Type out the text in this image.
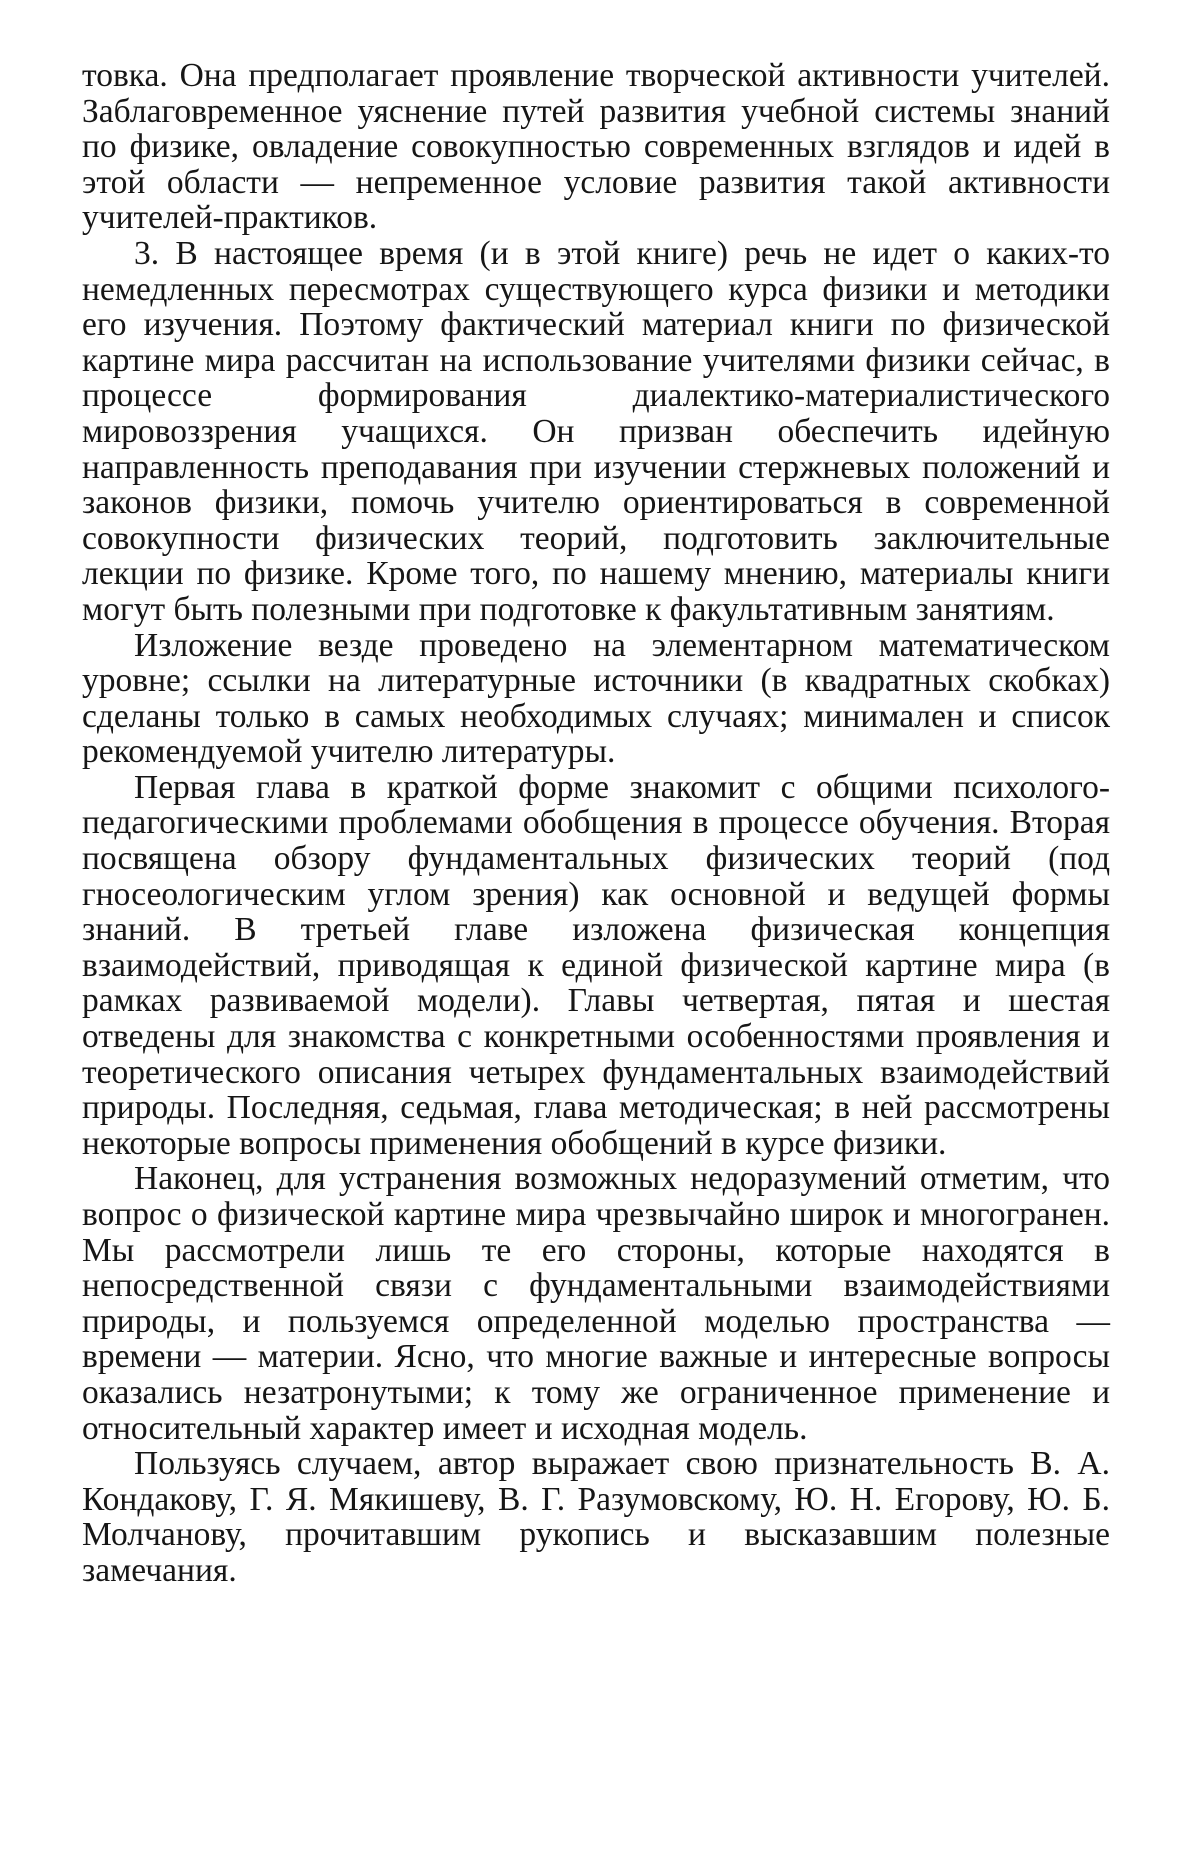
товка. Она предполагает проявление творческой активности учителей. Заблаговременное уяснение путей развития учебной системы знаний по физике, овладение совокупностью современных взглядов и идей в этой области — непременное условие развития такой активности учителей-практиков.

3. В настоящее время (и в этой книге) речь не идет о каких-то немедленных пересмотрах существующего курса физики и методики его изучения. Поэтому фактический материал книги по физической картине мира рассчитан на использование учителями физики сейчас, в процессе формирования диалектико-материалистического мировоззрения учащихся. Он призван обеспечить идейную направленность преподавания при изучении стержневых положений и законов физики, помочь учителю ориентироваться в современной совокупности физических теорий, подготовить заключительные лекции по физике. Кроме того, по нашему мнению, материалы книги могут быть полезными при подготовке к факультативным занятиям.

Изложение везде проведено на элементарном математическом уровне; ссылки на литературные источники (в квадратных скобках) сделаны только в самых необходимых случаях; минимален и список рекомендуемой учителю литературы.

Первая глава в краткой форме знакомит с общими психолого-педагогическими проблемами обобщения в процессе обучения. Вторая посвящена обзору фундаментальных физических теорий (под гносеологическим углом зрения) как основной и ведущей формы знаний. В третьей главе изложена физическая концепция взаимодействий, приводящая к единой физической картине мира (в рамках развиваемой модели). Главы четвертая, пятая и шестая отведены для знакомства с конкретными особенностями проявления и теоретического описания четырех фундаментальных взаимодействий природы. Последняя, седьмая, глава методическая; в ней рассмотрены некоторые вопросы применения обобщений в курсе физики.

Наконец, для устранения возможных недоразумений отметим, что вопрос о физической картине мира чрезвычайно широк и многогранен. Мы рассмотрели лишь те его стороны, которые находятся в непосредственной связи с фундаментальными взаимодействиями природы, и пользуемся определенной моделью пространства — времени — материи. Ясно, что многие важные и интересные вопросы оказались незатронутыми; к тому же ограниченное применение и относительный характер имеет и исходная модель.

Пользуясь случаем, автор выражает свою признательность В. А. Кондакову, Г. Я. Мякишеву, В. Г. Разумовскому, Ю. Н. Егорову, Ю. Б. Молчанову, прочитавшим рукопись и высказавшим полезные замечания.
